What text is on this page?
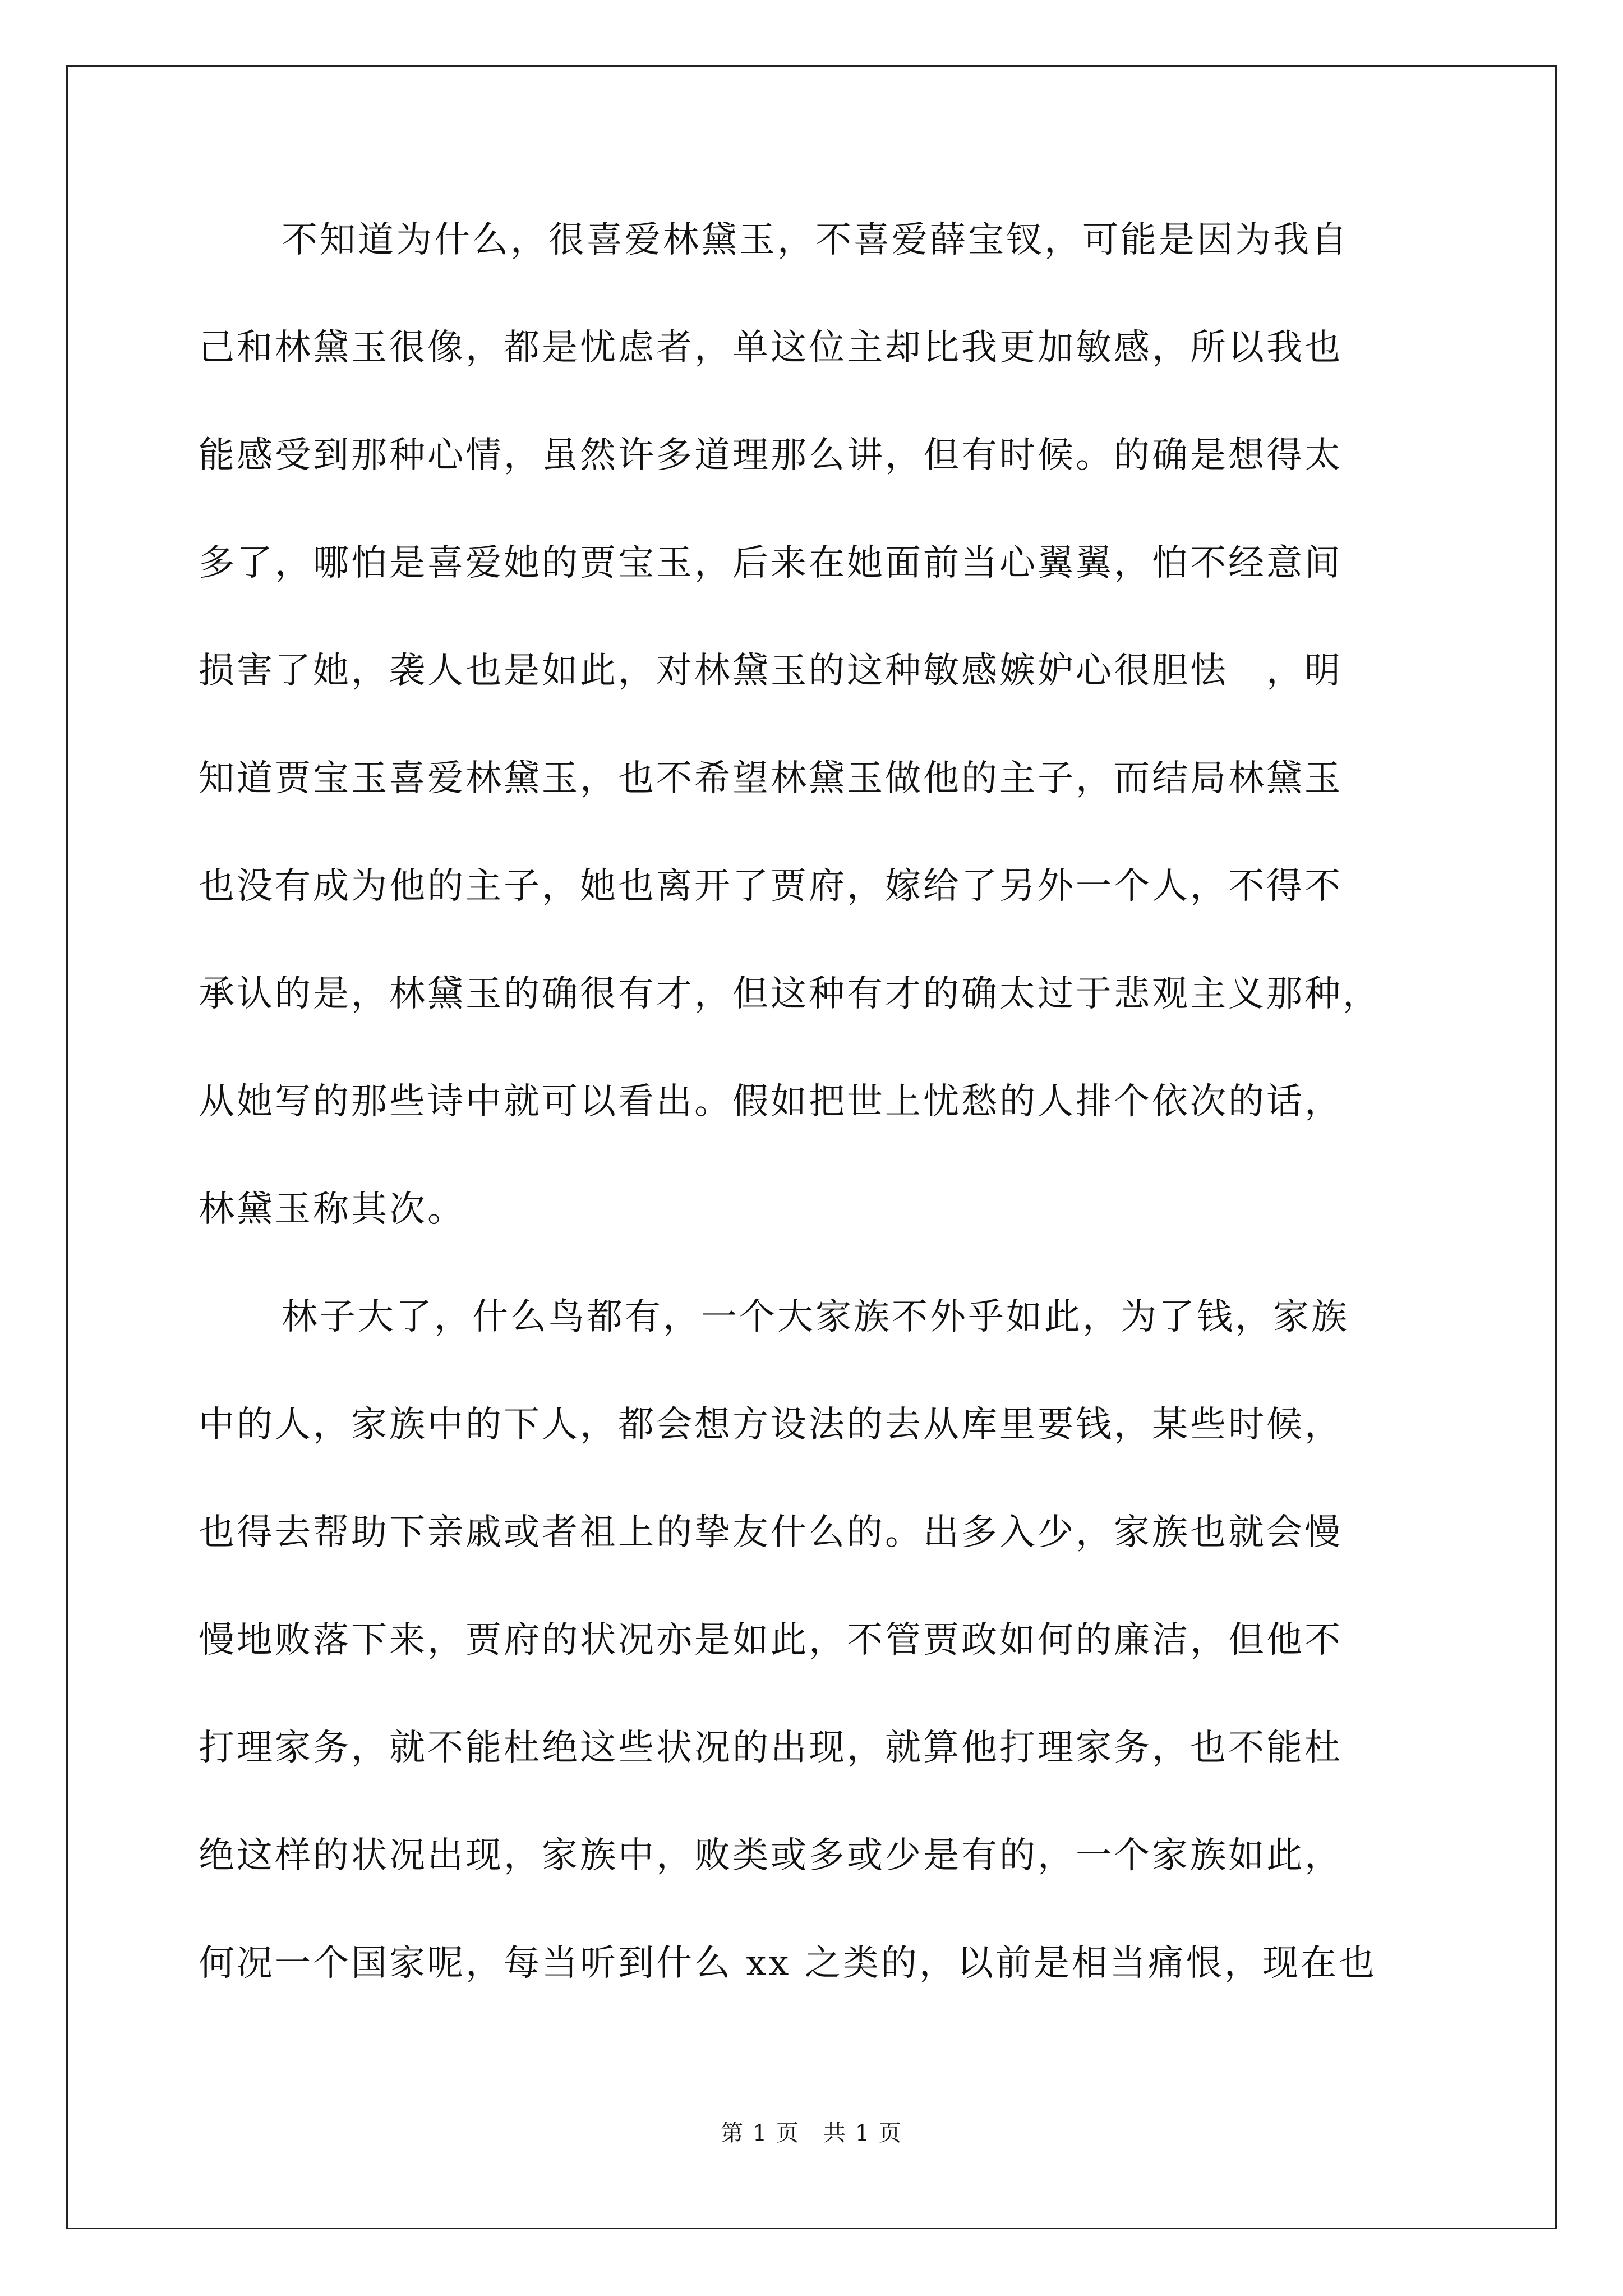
不知道为什么，很喜爱林黛玉，不喜爱薛宝钗，可能是因为我自
己和林黛玉很像，都是忧虑者，单这位主却比我更加敏感，所以我也
能感受到那种心情，虽然许多道理那么讲，但有时候。的确是想得太
多了，哪怕是喜爱她的贾宝玉，后来在她面前当心翼翼，怕不经意间
损害了她，袭人也是如此，对林黛玉的这种敏感嫉妒心很胆怯　，明
知道贾宝玉喜爱林黛玉，也不希望林黛玉做他的主子，而结局林黛玉
也没有成为他的主子，她也离开了贾府，嫁给了另外一个人，不得不
承认的是，林黛玉的确很有才，但这种有才的确太过于悲观主义那种，
从她写的那些诗中就可以看出。假如把世上忧愁的人排个依次的话，
林黛玉称其次。
林子大了，什么鸟都有，一个大家族不外乎如此，为了钱，家族
中的人，家族中的下人，都会想方设法的去从库里要钱，某些时候，
也得去帮助下亲戚或者祖上的挚友什么的。出多入少，家族也就会慢
慢地败落下来，贾府的状况亦是如此，不管贾政如何的廉洁，但他不
打理家务，就不能杜绝这些状况的出现，就算他打理家务，也不能杜
绝这样的状况出现，家族中，败类或多或少是有的，一个家族如此，
何况一个国家呢，每当听到什么 xx 之类的，以前是相当痛恨，现在也
第 1 页　共 1 页
